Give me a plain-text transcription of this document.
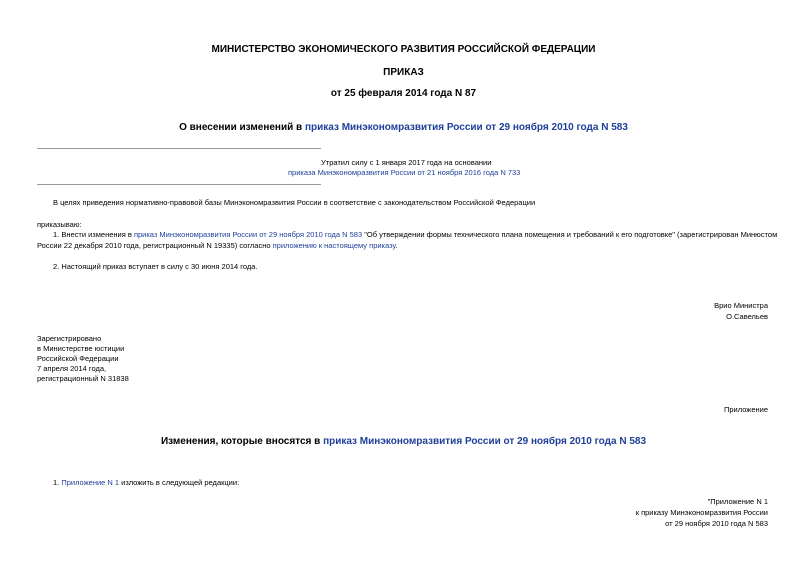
МИНИСТЕРСТВО ЭКОНОМИЧЕСКОГО РАЗВИТИЯ РОССИЙСКОЙ ФЕДЕРАЦИИ
ПРИКАЗ
от 25 февраля 2014 года N 87
О внесении изменений в приказ Минэкономразвития России от 29 ноября 2010 года N 583
Утратил силу с 1 января 2017 года на основании
приказа Минэкономразвития России от 21 ноября 2016 года N 733
В целях приведения нормативно-правовой базы Минэкономразвития России в соответствие с законодательством Российской Федерации
приказываю:
1. Внести изменения в приказ Минэкономразвития России от 29 ноября 2010 года N 583 "Об утверждении формы технического плана помещения и требований к его подготовке" (зарегистрирован Минюстом
России 22 декабря 2010 года, регистрационный N 19335) согласно приложению к настоящему приказу.
2. Настоящий приказ вступает в силу с 30 июня 2014 года.
Врио Министра
О.Савельев
Зарегистрировано
в Министерстве юстиции
Российской Федерации
7 апреля 2014 года,
регистрационный N 31838
Приложение
Изменения, которые вносятся в приказ Минэкономразвития России от 29 ноября 2010 года N 583
1. Приложение N 1 изложить в следующей редакции:
"Приложение N 1
к приказу Минэкономразвития России
от 29 ноября 2010 года N 583
